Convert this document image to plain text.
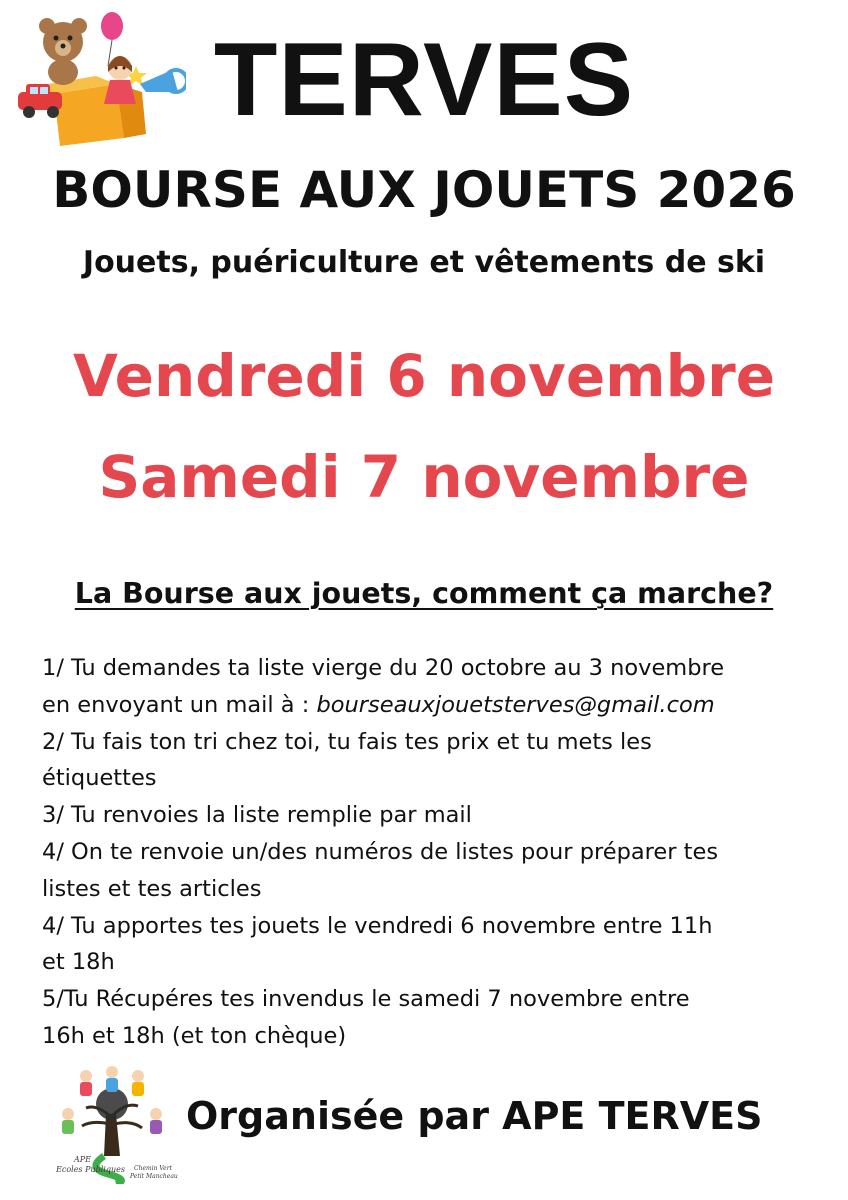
TERVES
BOURSE AUX JOUETS 2026
Jouets, puériculture et vêtements de ski
Vendredi 6 novembre
Samedi 7 novembre
La Bourse aux jouets, comment ça marche?
1/ Tu demandes ta liste vierge du 20 octobre au 3 novembre
en envoyant un mail à : bourseauxjouetsterves@gmail.com
2/ Tu fais ton tri chez toi, tu fais tes prix et tu mets les
étiquettes
3/ Tu renvoies la liste remplie par mail
4/ On te renvoie un/des numéros de listes pour préparer tes
listes et tes articles
4/ Tu apportes tes jouets le vendredi 6 novembre entre 11h
et 18h
5/Tu Récupéres tes invendus le samedi 7 novembre entre
16h et 18h (et ton chèque)
APE
Ecoles Publiques Chemin Vert
Petit Mancheau
Organisée par APE TERVES
